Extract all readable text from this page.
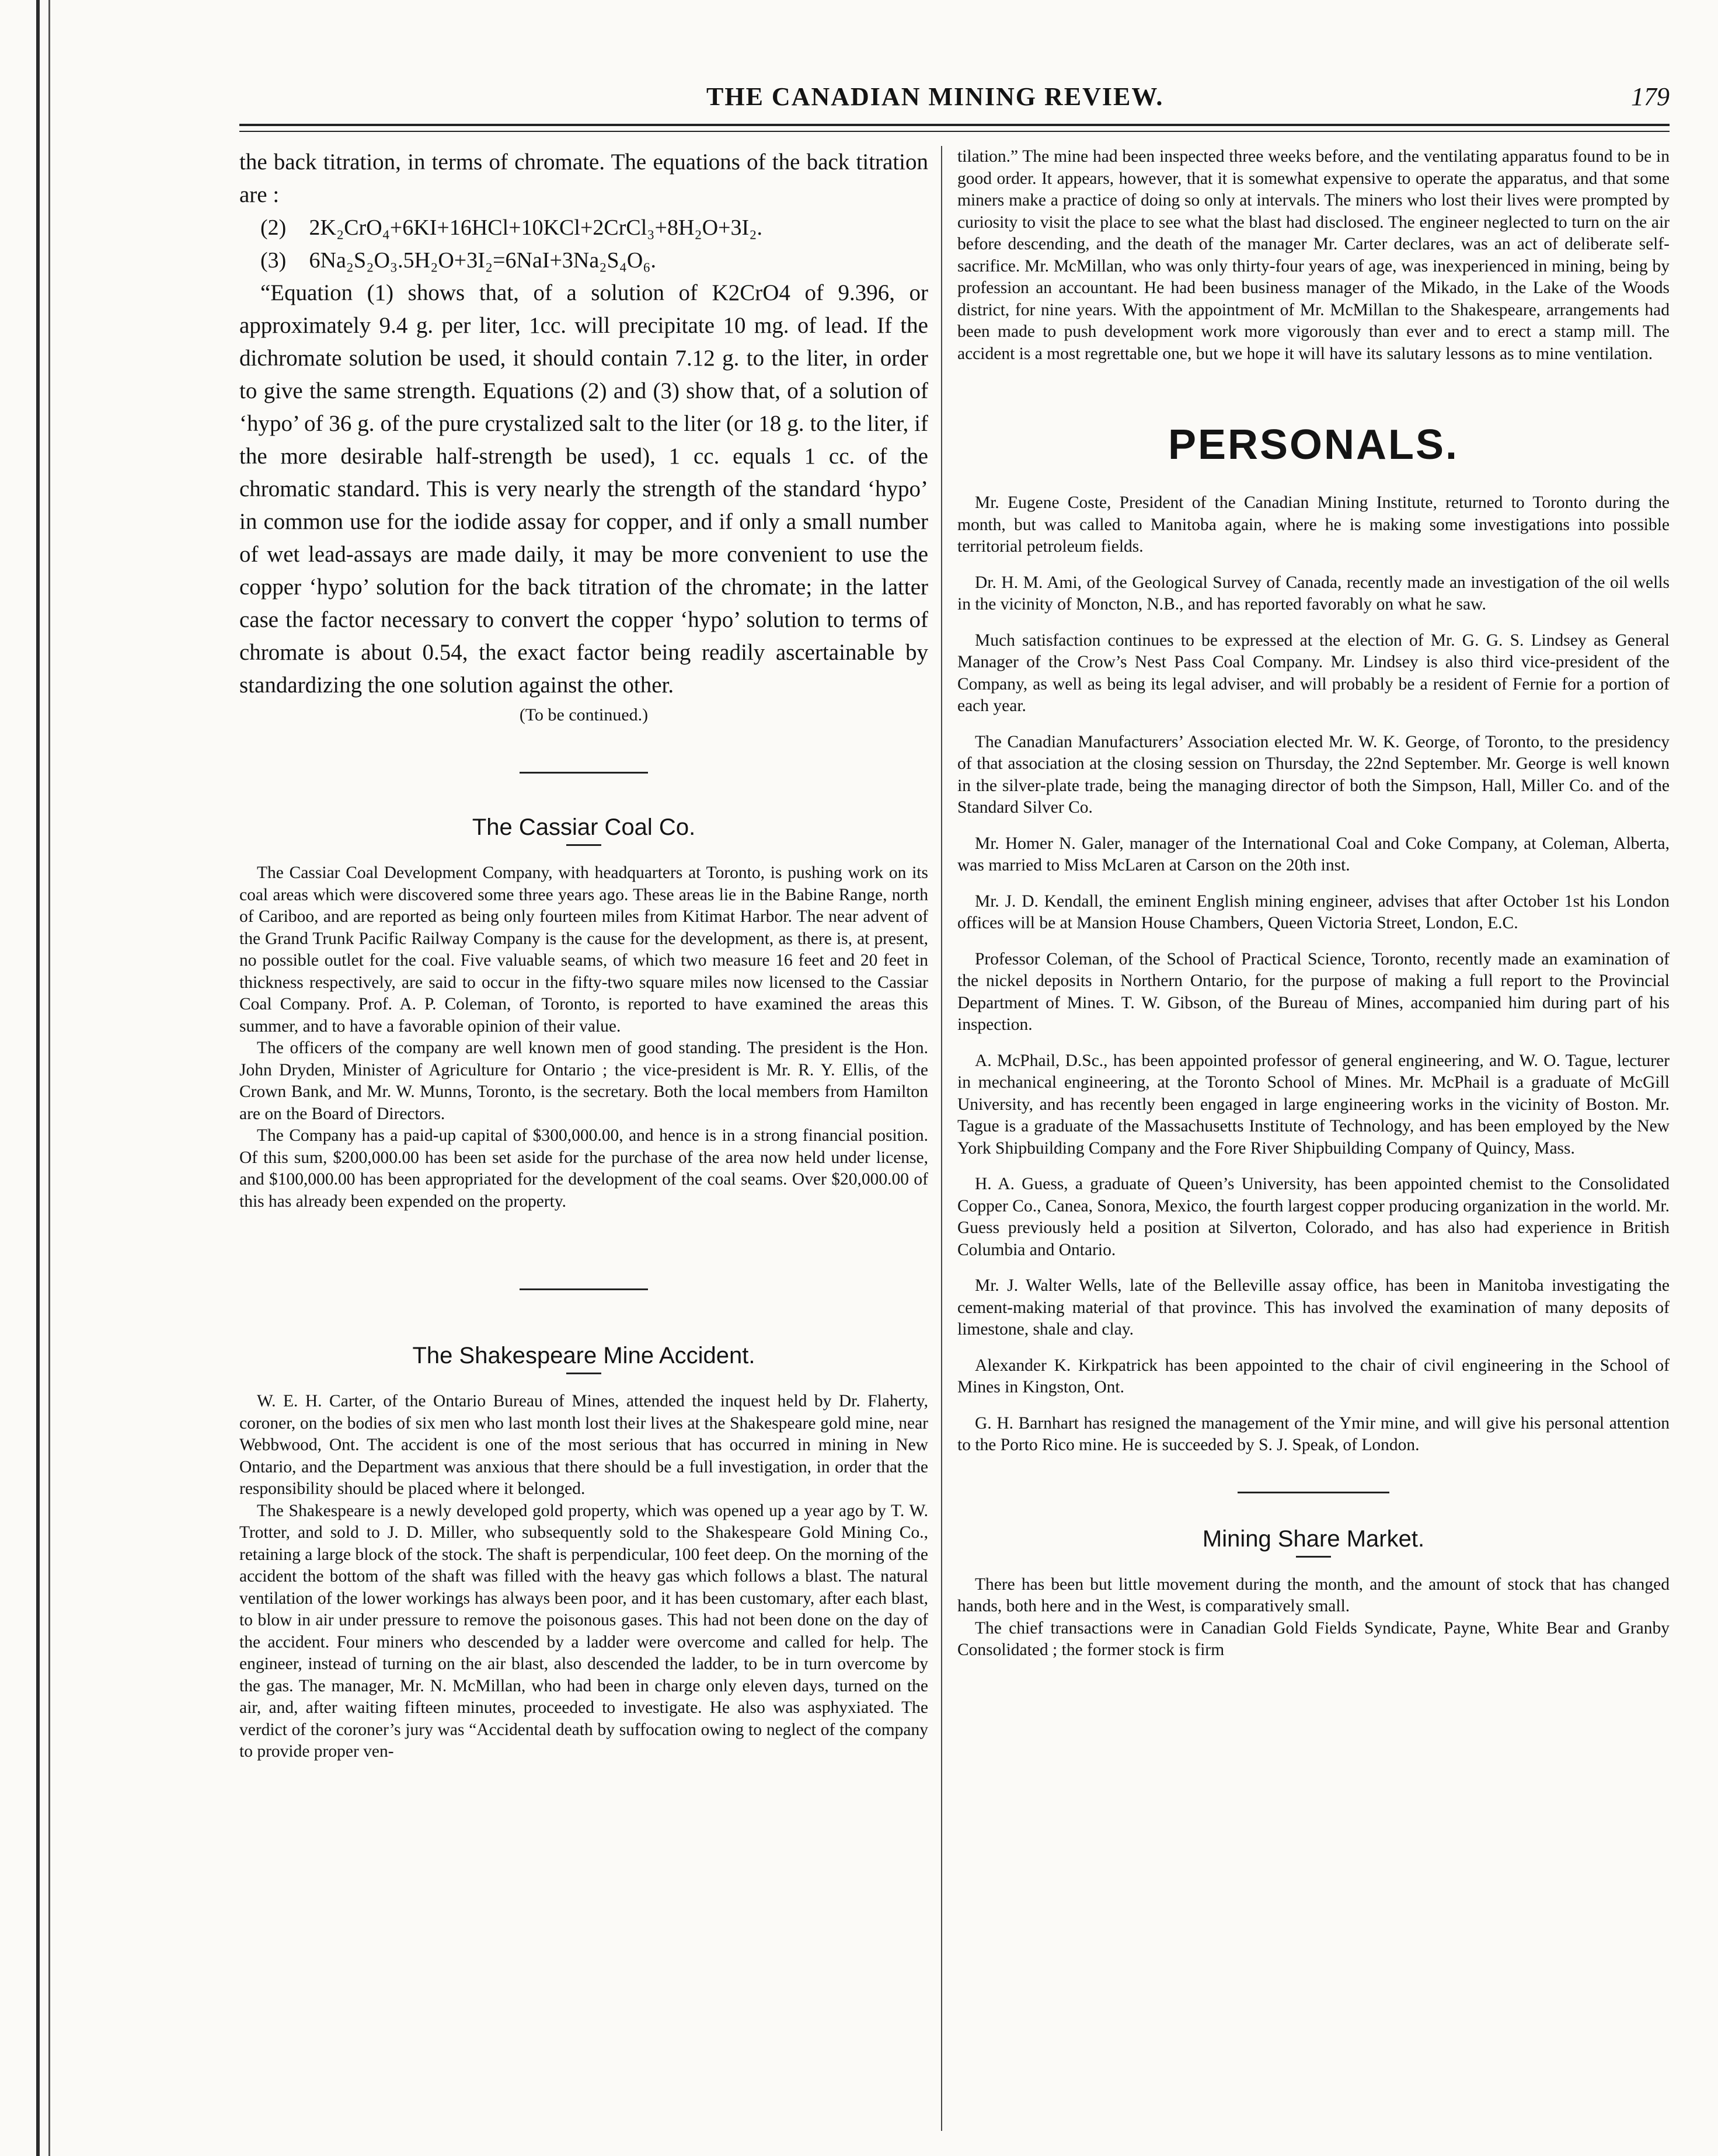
THE CANADIAN MINING REVIEW.	179

the back titration, in terms of chromate. The equations of the back titration are :

(2) 2K₂CrO₄+6KI+16HCl+10KCl+2CrCl₃+8H₂O+3I₂.
(3) 6Na₂S₂O₃.5H₂O+3I₂=6NaI+3Na₂S₄O₆.

“Equation (1) shows that, of a solution of K2CrO4 of 9.396, or approximately 9.4 g. per liter, 1cc. will precipitate 10 mg. of lead. If the dichromate solution be used, it should contain 7.12 g. to the liter, in order to give the same strength. Equations (2) and (3) show that, of a solution of ‘hypo’ of 36 g. of the pure crystalized salt to the liter (or 18 g. to the liter, if the more desirable half-strength be used), 1 cc. equals 1 cc. of the chromatic standard. This is very nearly the strength of the standard ‘hypo’ in common use for the iodide assay for copper, and if only a small number of wet lead-assays are made daily, it may be more convenient to use the copper ‘hypo’ solution for the back titration of the chromate; in the latter case the factor necessary to convert the copper ‘hypo’ solution to terms of chromate is about 0.54, the exact factor being readily ascertainable by standardizing the one solution against the other.

(To be continued.)

The Cassiar Coal Co.

The Cassiar Coal Development Company, with headquarters at Toronto, is pushing work on its coal areas which were discovered some three years ago. These areas lie in the Babine Range, north of Cariboo, and are reported as being only fourteen miles from Kitimat Harbor. The near advent of the Grand Trunk Pacific Railway Company is the cause for the development, as there is, at present, no possible outlet for the coal. Five valuable seams, of which two measure 16 feet and 20 feet in thickness respectively, are said to occur in the fifty-two square miles now licensed to the Cassiar Coal Company. Prof. A. P. Coleman, of Toronto, is reported to have examined the areas this summer, and to have a favorable opinion of their value.

The officers of the company are well known men of good standing. The president is the Hon. John Dryden, Minister of Agriculture for Ontario ; the vice-president is Mr. R. Y. Ellis, of the Crown Bank, and Mr. W. Munns, Toronto, is the secretary. Both the local members from Hamilton are on the Board of Directors.

The Company has a paid-up capital of $300,000.00, and hence is in a strong financial position. Of this sum, $200,000.00 has been set aside for the purchase of the area now held under license, and $100,000.00 has been appropriated for the development of the coal seams. Over $20,000.00 of this has already been expended on the property.

The Shakespeare Mine Accident.

W. E. H. Carter, of the Ontario Bureau of Mines, attended the inquest held by Dr. Flaherty, coroner, on the bodies of six men who last month lost their lives at the Shakespeare gold mine, near Webbwood, Ont. The accident is one of the most serious that has occurred in mining in New Ontario, and the Department was anxious that there should be a full investigation, in order that the responsibility should be placed where it belonged.

The Shakespeare is a newly developed gold property, which was opened up a year ago by T. W. Trotter, and sold to J. D. Miller, who subsequently sold to the Shakespeare Gold Mining Co., retaining a large block of the stock. The shaft is perpendicular, 100 feet deep. On the morning of the accident the bottom of the shaft was filled with the heavy gas which follows a blast. The natural ventilation of the lower workings has always been poor, and it has been customary, after each blast, to blow in air under pressure to remove the poisonous gases. This had not been done on the day of the accident. Four miners who descended by a ladder were overcome and called for help. The engineer, instead of turning on the air blast, also descended the ladder, to be in turn overcome by the gas. The manager, Mr. N. McMillan, who had been in charge only eleven days, turned on the air, and, after waiting fifteen minutes, proceeded to investigate. He also was asphyxiated. The verdict of the coroner’s jury was “Accidental death by suffocation owing to neglect of the company to provide proper ven-

tilation.” The mine had been inspected three weeks before, and the ventilating apparatus found to be in good order. It appears, however, that it is somewhat expensive to operate the apparatus, and that some miners make a practice of doing so only at intervals. The miners who lost their lives were prompted by curiosity to visit the place to see what the blast had disclosed. The engineer neglected to turn on the air before descending, and the death of the manager Mr. Carter declares, was an act of deliberate self-sacrifice. Mr. McMillan, who was only thirty-four years of age, was inexperienced in mining, being by profession an accountant. He had been business manager of the Mikado, in the Lake of the Woods district, for nine years. With the appointment of Mr. McMillan to the Shakespeare, arrangements had been made to push development work more vigorously than ever and to erect a stamp mill. The accident is a most regrettable one, but we hope it will have its salutary lessons as to mine ventilation.

PERSONALS.

Mr. Eugene Coste, President of the Canadian Mining Institute, returned to Toronto during the month, but was called to Manitoba again, where he is making some investigations into possible territorial petroleum fields.

Dr. H. M. Ami, of the Geological Survey of Canada, recently made an investigation of the oil wells in the vicinity of Moncton, N.B., and has reported favorably on what he saw.

Much satisfaction continues to be expressed at the election of Mr. G. G. S. Lindsey as General Manager of the Crow’s Nest Pass Coal Company. Mr. Lindsey is also third vice-president of the Company, as well as being its legal adviser, and will probably be a resident of Fernie for a portion of each year.

The Canadian Manufacturers’ Association elected Mr. W. K. George, of Toronto, to the presidency of that association at the closing session on Thursday, the 22nd September. Mr. George is well known in the silver-plate trade, being the managing director of both the Simpson, Hall, Miller Co. and of the Standard Silver Co.

Mr. Homer N. Galer, manager of the International Coal and Coke Company, at Coleman, Alberta, was married to Miss McLaren at Carson on the 20th inst.

Mr. J. D. Kendall, the eminent English mining engineer, advises that after October 1st his London offices will be at Mansion House Chambers, Queen Victoria Street, London, E.C.

Professor Coleman, of the School of Practical Science, Toronto, recently made an examination of the nickel deposits in Northern Ontario, for the purpose of making a full report to the Provincial Department of Mines. T. W. Gibson, of the Bureau of Mines, accompanied him during part of his inspection.

A. McPhail, D.Sc., has been appointed professor of general engineering, and W. O. Tague, lecturer in mechanical engineering, at the Toronto School of Mines. Mr. McPhail is a graduate of McGill University, and has recently been engaged in large engineering works in the vicinity of Boston. Mr. Tague is a graduate of the Massachusetts Institute of Technology, and has been employed by the New York Shipbuilding Company and the Fore River Shipbuilding Company of Quincy, Mass.

H. A. Guess, a graduate of Queen’s University, has been appointed chemist to the Consolidated Copper Co., Canea, Sonora, Mexico, the fourth largest copper producing organization in the world. Mr. Guess previously held a position at Silverton, Colorado, and has also had experience in British Columbia and Ontario.

Mr. J. Walter Wells, late of the Belleville assay office, has been in Manitoba investigating the cement-making material of that province. This has involved the examination of many deposits of limestone, shale and clay.

Alexander K. Kirkpatrick has been appointed to the chair of civil engineering in the School of Mines in Kingston, Ont.

G. H. Barnhart has resigned the management of the Ymir mine, and will give his personal attention to the Porto Rico mine. He is succeeded by S. J. Speak, of London.

Mining Share Market.

There has been but little movement during the month, and the amount of stock that has changed hands, both here and in the West, is comparatively small.

The chief transactions were in Canadian Gold Fields Syndicate, Payne, White Bear and Granby Consolidated ; the former stock is firm
